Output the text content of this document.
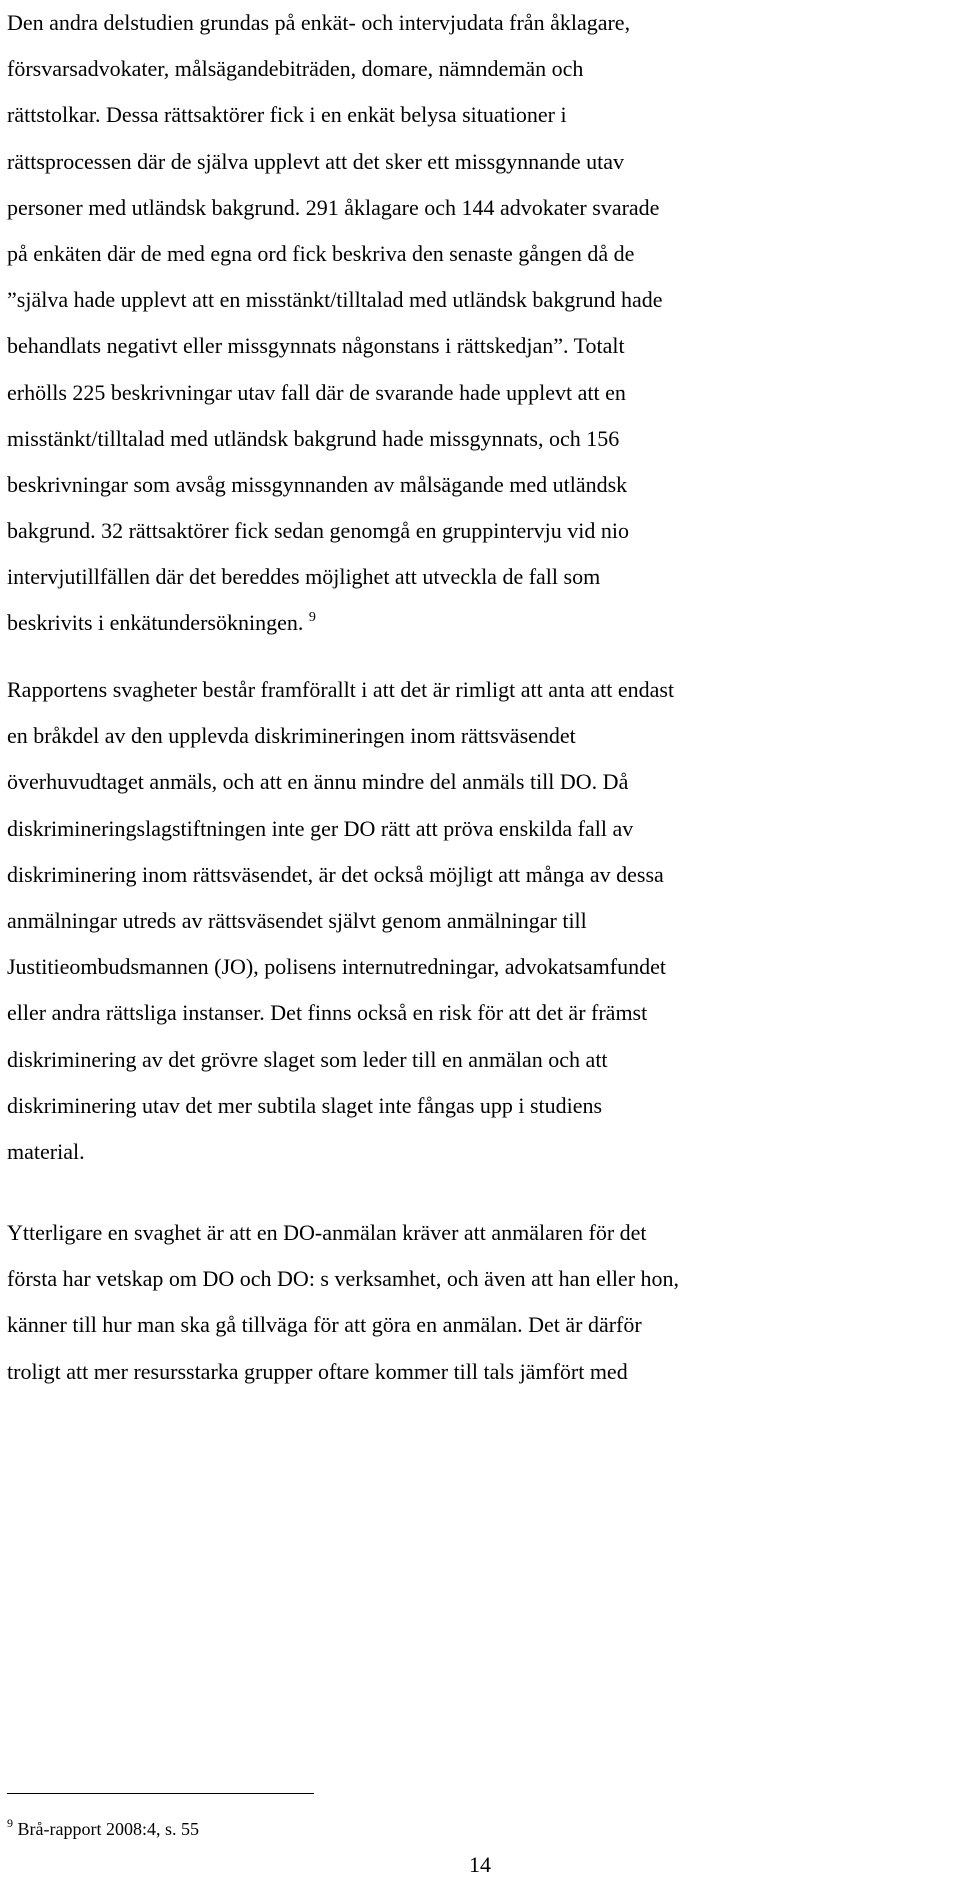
Den andra delstudien grundas på enkät- och intervjudata från åklagare,
försvarsadvokater, målsägandebiträden, domare, nämndemän och
rättstolkar. Dessa rättsaktörer fick i en enkät belysa situationer i
rättsprocessen där de själva upplevt att det sker ett missgynnande utav
personer med utländsk bakgrund. 291 åklagare och 144 advokater svarade
på enkäten där de med egna ord fick beskriva den senaste gången då de
”själva hade upplevt att en misstänkt/tilltalad med utländsk bakgrund hade
behandlats negativt eller missgynnats någonstans i rättskedjan”. Totalt
erhölls 225 beskrivningar utav fall där de svarande hade upplevt att en
misstänkt/tilltalad med utländsk bakgrund hade missgynnats, och 156
beskrivningar som avsåg missgynnanden av målsägande med utländsk
bakgrund. 32 rättsaktörer fick sedan genomgå en gruppintervju vid nio
intervjutillfällen där det bereddes möjlighet att utveckla de fall som
beskrivits i enkätundersökningen. $^9$
Rapportens svagheter består framförallt i att det är rimligt att anta att endast
en bråkdel av den upplevda diskrimineringen inom rättsväsendet
överhuvudtaget anmäls, och att en ännu mindre del anmäls till DO. Då
diskrimineringslagstiftningen inte ger DO rätt att pröva enskilda fall av
diskriminering inom rättsväsendet, är det också möjligt att många av dessa
anmälningar utreds av rättsväsendet självt genom anmälningar till
Justitieombudsmannen (JO), polisens internutredningar, advokatsamfundet
eller andra rättsliga instanser. Det finns också en risk för att det är främst
diskriminering av det grövre slaget som leder till en anmälan och att
diskriminering utav det mer subtila slaget inte fångas upp i studiens
material.
Ytterligare en svaghet är att en DO-anmälan kräver att anmälaren för det
första har vetskap om DO och DO: s verksamhet, och även att han eller hon,
känner till hur man ska gå tillväga för att göra en anmälan. Det är därför
troligt att mer resursstarka grupper oftare kommer till tals jämfört med
$^9$ Brå-rapport 2008:4, s. 55
14
